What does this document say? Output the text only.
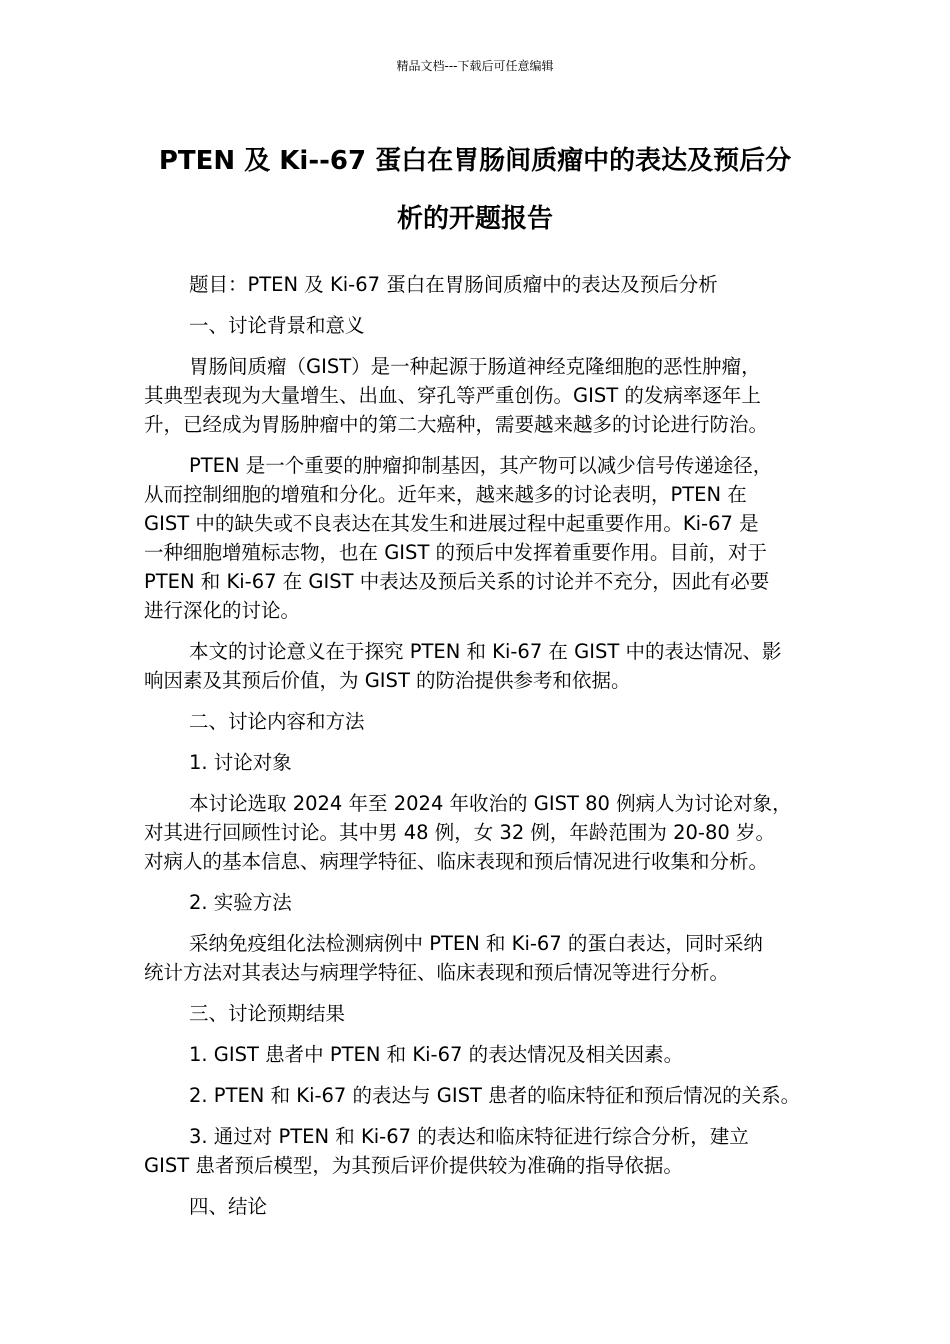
精品文档---下载后可任意编辑
PTEN 及 Ki--67 蛋白在胃肠间质瘤中的表达及预后分
析的开题报告
题目：PTEN 及 Ki-67 蛋白在胃肠间质瘤中的表达及预后分析
一、讨论背景和意义
胃肠间质瘤（GIST）是一种起源于肠道神经克隆细胞的恶性肿瘤，
其典型表现为大量增生、出血、穿孔等严重创伤。GIST 的发病率逐年上
升，已经成为胃肠肿瘤中的第二大癌种，需要越来越多的讨论进行防治。
PTEN 是一个重要的肿瘤抑制基因，其产物可以减少信号传递途径，
从而控制细胞的增殖和分化。近年来，越来越多的讨论表明，PTEN 在
GIST 中的缺失或不良表达在其发生和进展过程中起重要作用。Ki-67 是
一种细胞增殖标志物，也在 GIST 的预后中发挥着重要作用。目前，对于
PTEN 和 Ki-67 在 GIST 中表达及预后关系的讨论并不充分，因此有必要
进行深化的讨论。
本文的讨论意义在于探究 PTEN 和 Ki-67 在 GIST 中的表达情况、影
响因素及其预后价值，为 GIST 的防治提供参考和依据。
二、讨论内容和方法
1. 讨论对象
本讨论选取 2024 年至 2024 年收治的 GIST 80 例病人为讨论对象，
对其进行回顾性讨论。其中男 48 例，女 32 例，年龄范围为 20-80 岁。
对病人的基本信息、病理学特征、临床表现和预后情况进行收集和分析。
2. 实验方法
采纳免疫组化法检测病例中 PTEN 和 Ki-67 的蛋白表达，同时采纳
统计方法对其表达与病理学特征、临床表现和预后情况等进行分析。
三、讨论预期结果
1. GIST 患者中 PTEN 和 Ki-67 的表达情况及相关因素。
2. PTEN 和 Ki-67 的表达与 GIST 患者的临床特征和预后情况的关系。
3. 通过对 PTEN 和 Ki-67 的表达和临床特征进行综合分析，建立
GIST 患者预后模型，为其预后评价提供较为准确的指导依据。
四、结论
